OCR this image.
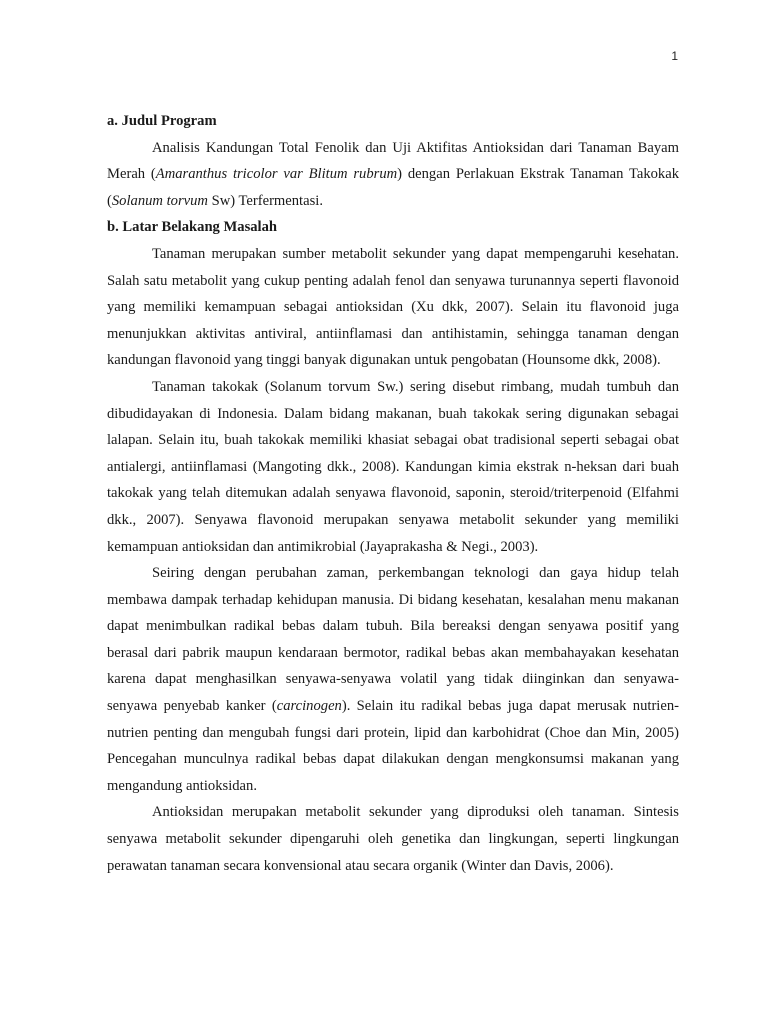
1
a. Judul Program

Analisis Kandungan Total Fenolik dan Uji Aktifitas Antioksidan dari Tanaman Bayam Merah (Amaranthus tricolor var Blitum rubrum) dengan Perlakuan Ekstrak Tanaman Takokak (Solanum torvum Sw) Terfermentasi.

b. Latar Belakang Masalah

Tanaman merupakan sumber metabolit sekunder yang dapat mempengaruhi kesehatan. Salah satu metabolit yang cukup penting adalah fenol dan senyawa turunannya seperti flavonoid yang memiliki kemampuan sebagai antioksidan (Xu dkk, 2007). Selain itu flavonoid juga menunjukkan aktivitas antiviral, antiinflamasi dan antihistamin, sehingga tanaman dengan kandungan flavonoid yang tinggi banyak digunakan untuk pengobatan (Hounsome dkk, 2008).

Tanaman takokak (Solanum torvum Sw.) sering disebut rimbang, mudah tumbuh dan dibudidayakan di Indonesia. Dalam bidang makanan, buah takokak sering digunakan sebagai lalapan. Selain itu, buah takokak memiliki khasiat sebagai obat tradisional seperti sebagai obat antialergi, antiinflamasi (Mangoting dkk., 2008). Kandungan kimia ekstrak n-heksan dari buah takokak yang telah ditemukan adalah senyawa flavonoid, saponin, steroid/triterpenoid (Elfahmi dkk., 2007). Senyawa flavonoid merupakan senyawa metabolit sekunder yang memiliki kemampuan antioksidan dan antimikrobial (Jayaprakasha & Negi., 2003).

Seiring dengan perubahan zaman, perkembangan teknologi dan gaya hidup telah membawa dampak terhadap kehidupan manusia. Di bidang kesehatan, kesalahan menu makanan dapat menimbulkan radikal bebas dalam tubuh. Bila bereaksi dengan senyawa positif yang berasal dari pabrik maupun kendaraan bermotor, radikal bebas akan membahayakan kesehatan karena dapat menghasilkan senyawa-senyawa volatil yang tidak diinginkan dan senyawa-senyawa penyebab kanker (carcinogen). Selain itu radikal bebas juga dapat merusak nutrien-nutrien penting dan mengubah fungsi dari protein, lipid dan karbohidrat (Choe dan Min, 2005) Pencegahan munculnya radikal bebas dapat dilakukan dengan mengkonsumsi makanan yang mengandung antioksidan.

Antioksidan merupakan metabolit sekunder yang diproduksi oleh tanaman. Sintesis senyawa metabolit sekunder dipengaruhi oleh genetika dan lingkungan, seperti lingkungan perawatan tanaman secara konvensional atau secara organik (Winter dan Davis, 2006).
